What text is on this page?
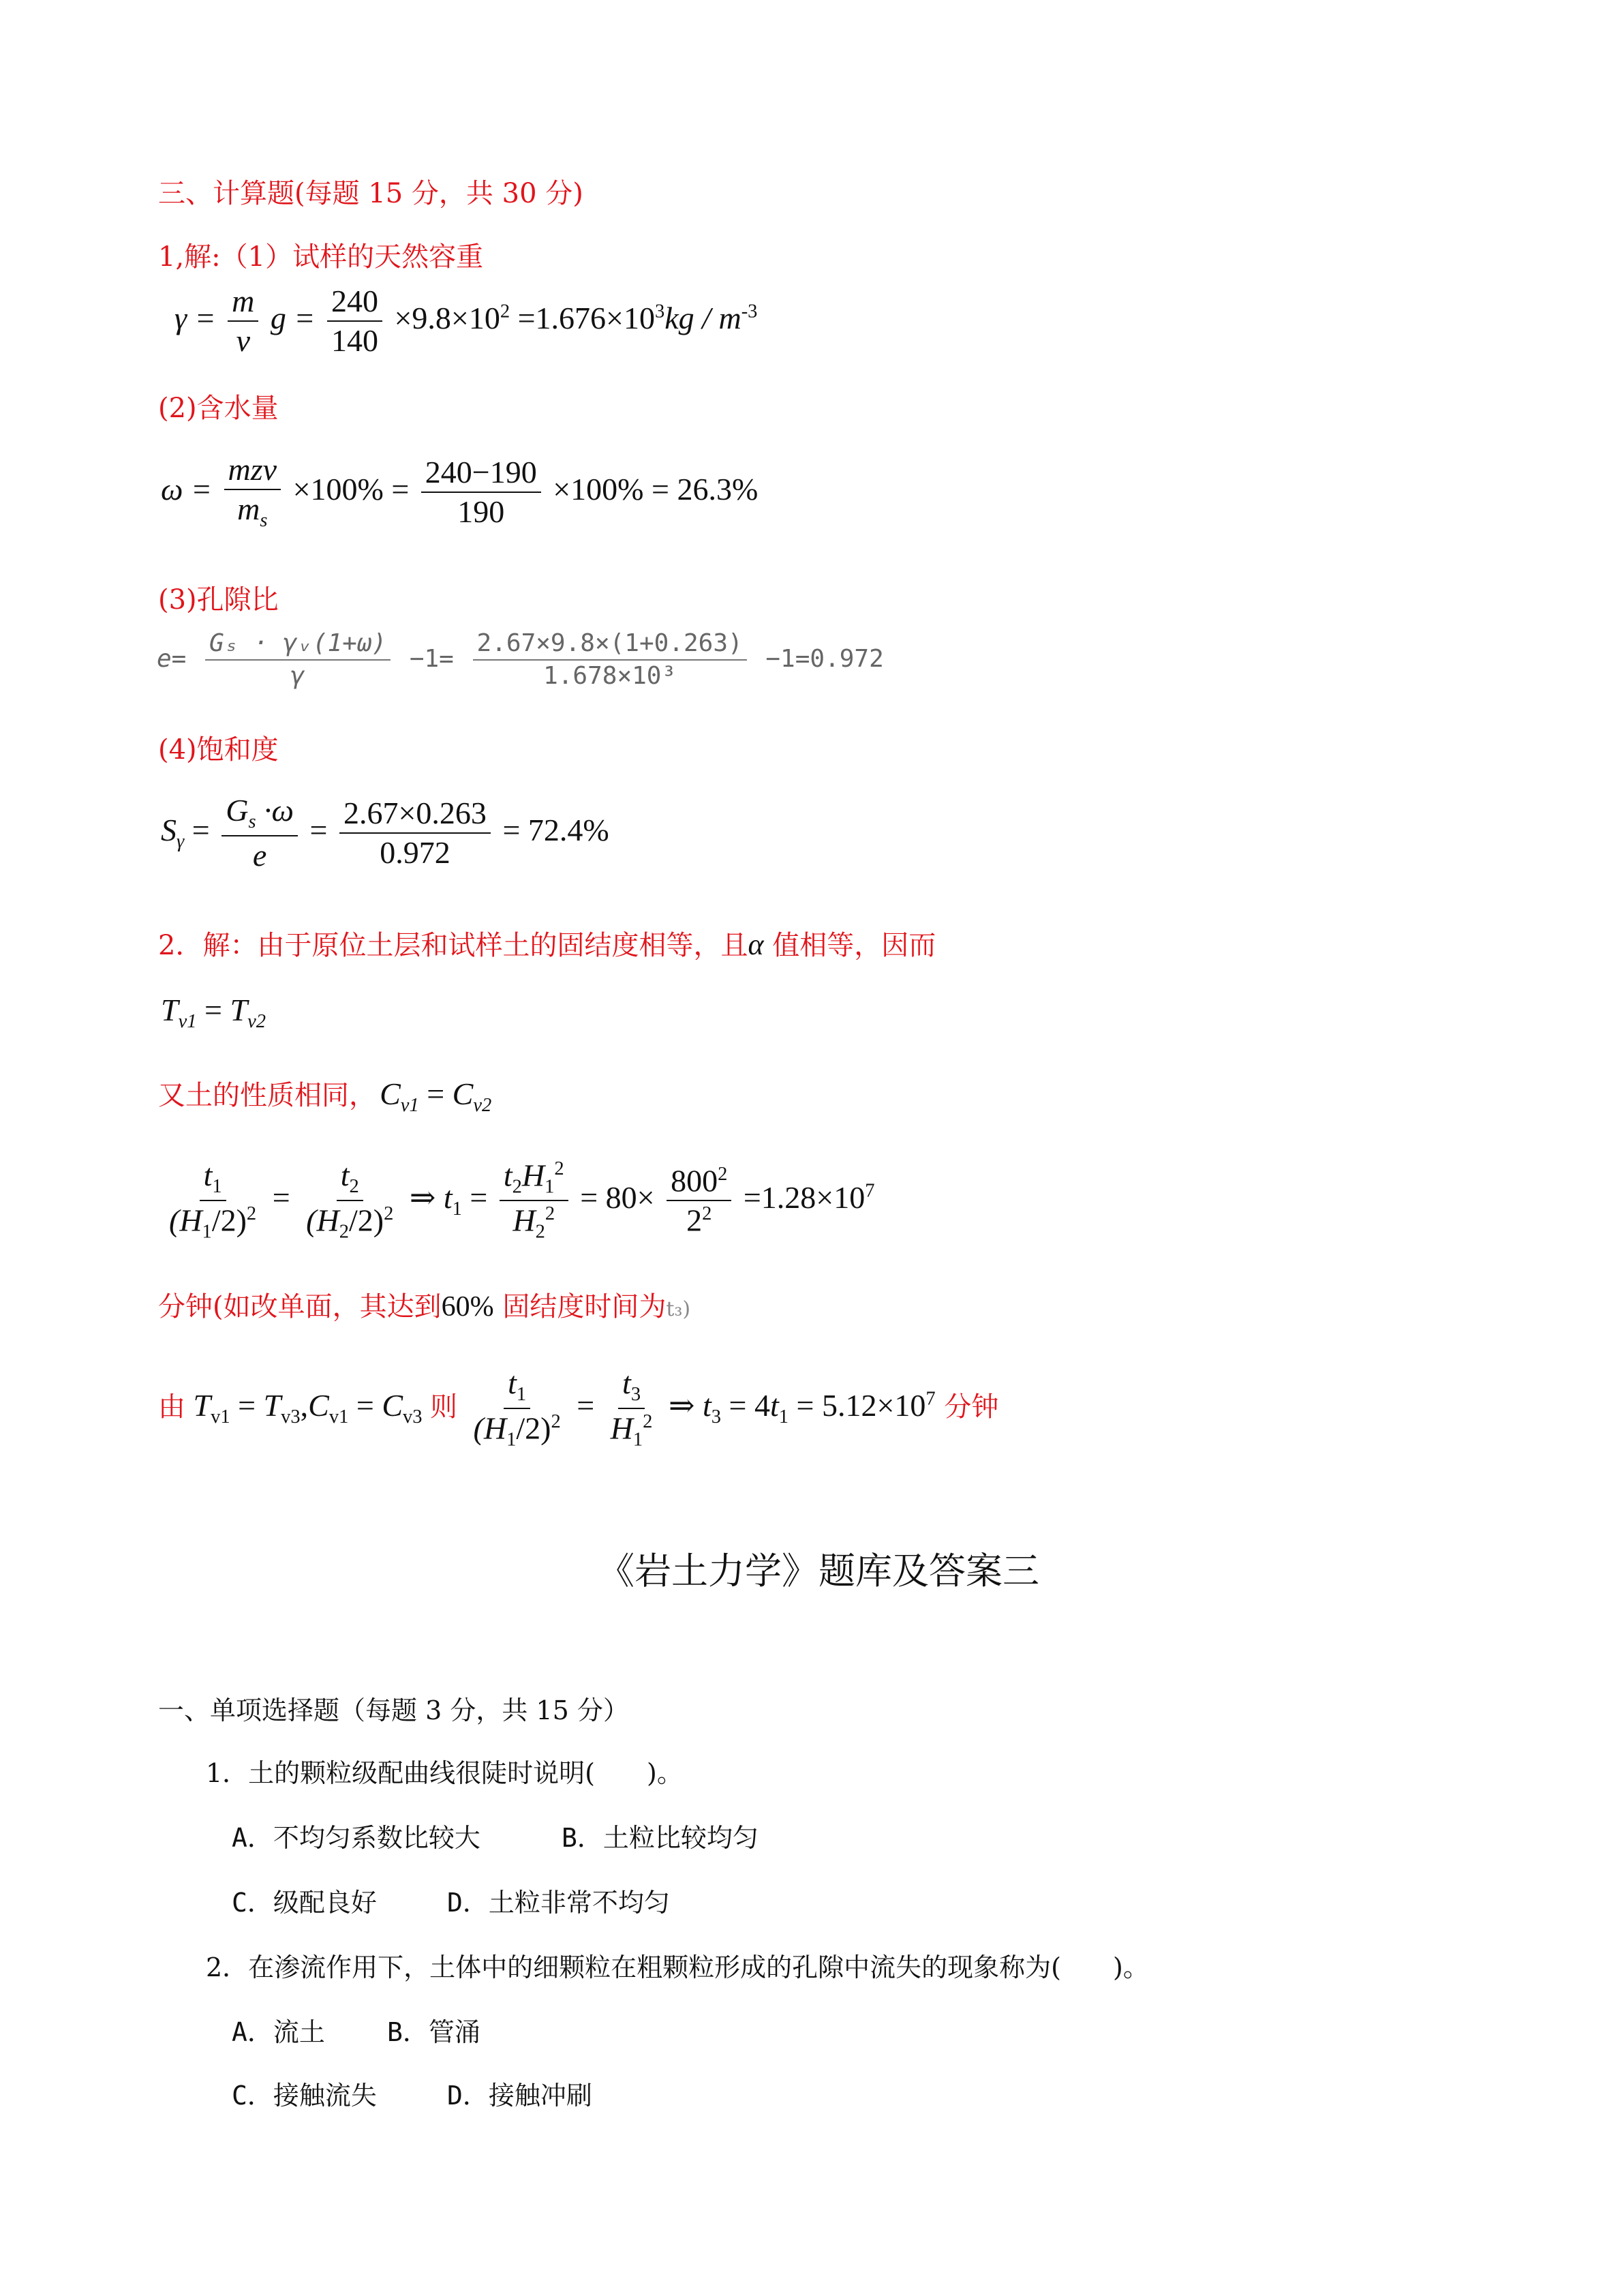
三、计算题(每题 15 分，共 30 分)
1,解:（1）试样的天然容重
$\gamma = \frac{m}{v}$ $g = \frac{240}{140} \times 9.8\times 10^2 =1.676\times 10^3kg / m^{-3}$
(2)含水量
$\omega = \frac{\text{mzv}}{m_s} \times 100\% = \frac{240-190}{190} \times 100\% = 26.3\%$
(3)孔隙比
$e= \frac{\text{Gₛ · γᵥ(1+ω)}}{\gamma} -1= \frac{2.67\times 9.8\times(1+0.263)}{\text{1.678×10³}} -1=0.972$
(4)饱和度
$S_\gamma = \frac{G_s \cdot\omega}{e} = \frac{2.67\times 0.263}{0.972} = 72.4\%$
2．解：由于原位土层和试样土的固结度相等，且α 值相等，因而
$T_{v1} = T_{v2}$
又土的性质相同， $C_{v1} = C_{v2}$
$\frac{t_1}{(H_1/2)^2} = \frac{t_2}{(H_2/2)^2}$ ⇒ $t_1 = \frac{t_2H_1^2}{H_2^2} = 80\times \frac{800^2}{2^2} =1.28\times 10^7$
分钟(如改单面，其达到60% 固结度时间为t₃)
由 $T_{v1} = T_{v3},C_{v1} = C_{v3}$ 则 $\frac{t_1}{(H_1/2)^2} = \frac{t_3}{H_1^2}$ ⇒ $t_3 = 4t_1 = 5.12\times 10^7$ 分钟
《岩土力学》题库及答案三
一、单项选择题（每题 3 分，共 15 分）
1．土的颗粒级配曲线很陡时说明(　　)。
A．不均匀系数比较大	B．土粒比较均匀
C．级配良好	D．土粒非常不均匀
2．在渗流作用下，土体中的细颗粒在粗颗粒形成的孔隙中流失的现象称为(　　)。
A．流土 B．管涌
C．接触流失	D．接触冲刷
